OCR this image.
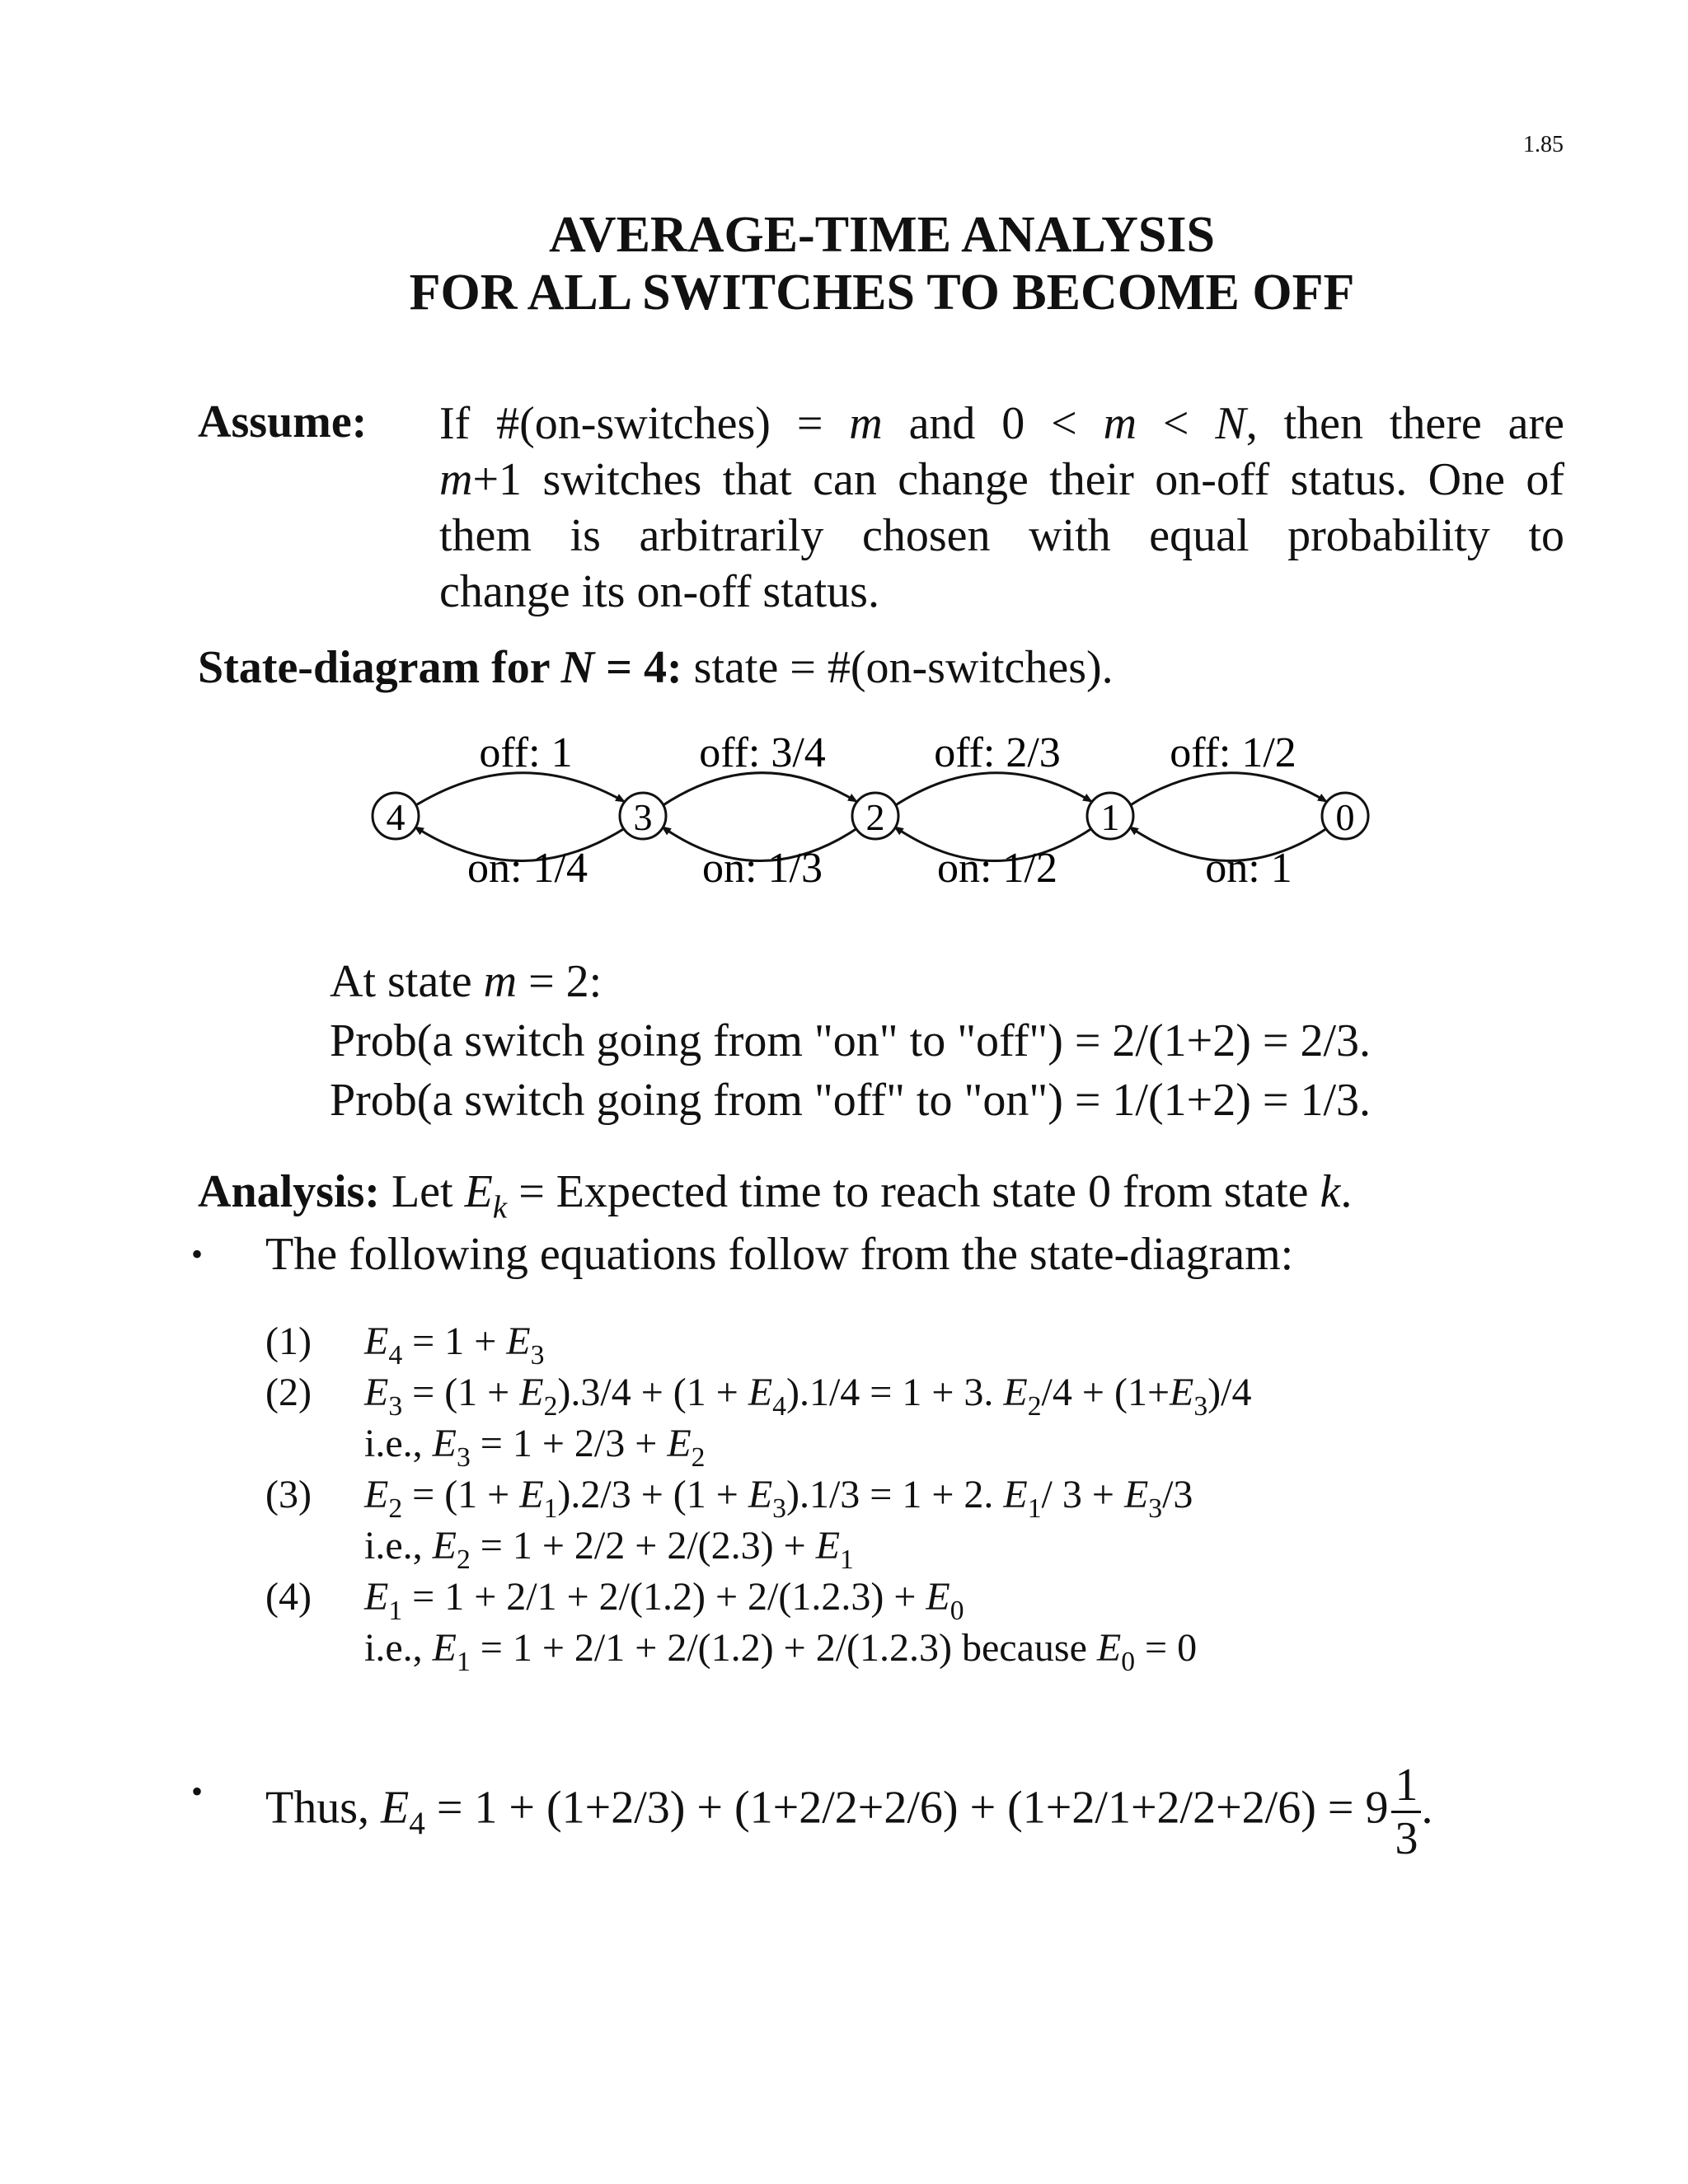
1.85
AVERAGE-TIME ANALYSIS
FOR ALL SWITCHES TO BECOME OFF
Assume: If #(on-switches) = m and 0 < m < N, then there are
m+1 switches that can change their on-off status. One of
them is arbitrarily chosen with equal probability to
change its on-off status.
State-diagram for N = 4: state = #(on-switches).
off: 1	off: 3/4	off: 2/3	off: 1/2
4	3	2	1	0
on: 1/4	on: 1/3	on: 1/2	on: 1
At state m = 2:
Prob(a switch going from "on" to "off") = 2/(1+2) = 2/3.
Prob(a switch going from "off" to "on") = 1/(1+2) = 1/3.
Analysis: Let $E_k$ = Expected time to reach state 0 from state k.
• The following equations follow from the state-diagram:
(1) $E_4 = 1 + E_3$
(2) $E_3 = (1 + E_2).3/4 + (1 + E_4).1/4 = 1 + 3$. $E_2/4 + (1+E_3)/4$
i.e., $E_3 = 1 + 2/3 + E_2$
(3) $E_2 = (1 + E_1).2/3 + (1 + E_3).1/3 = 1 + 2$. $E_1/$ $3 + E_3/3$
i.e., $E_2 = 1 + 2/2 + 2/(2.3) + E_1$
(4) $E_1 = 1 + 2/1 + 2/(1.2) + 2/(1.2.3) + E_0$
i.e., $E_1 = 1 + 2/1 + 2/(1.2) + 2/(1.2.3)$ because $E_0 = 0$
• Thus, $E_4 = 1 + (1+2/3) + (1+2/2+2/6) + (1+2/1+2/2+2/6) = 9 \frac{1}{3}$ .
